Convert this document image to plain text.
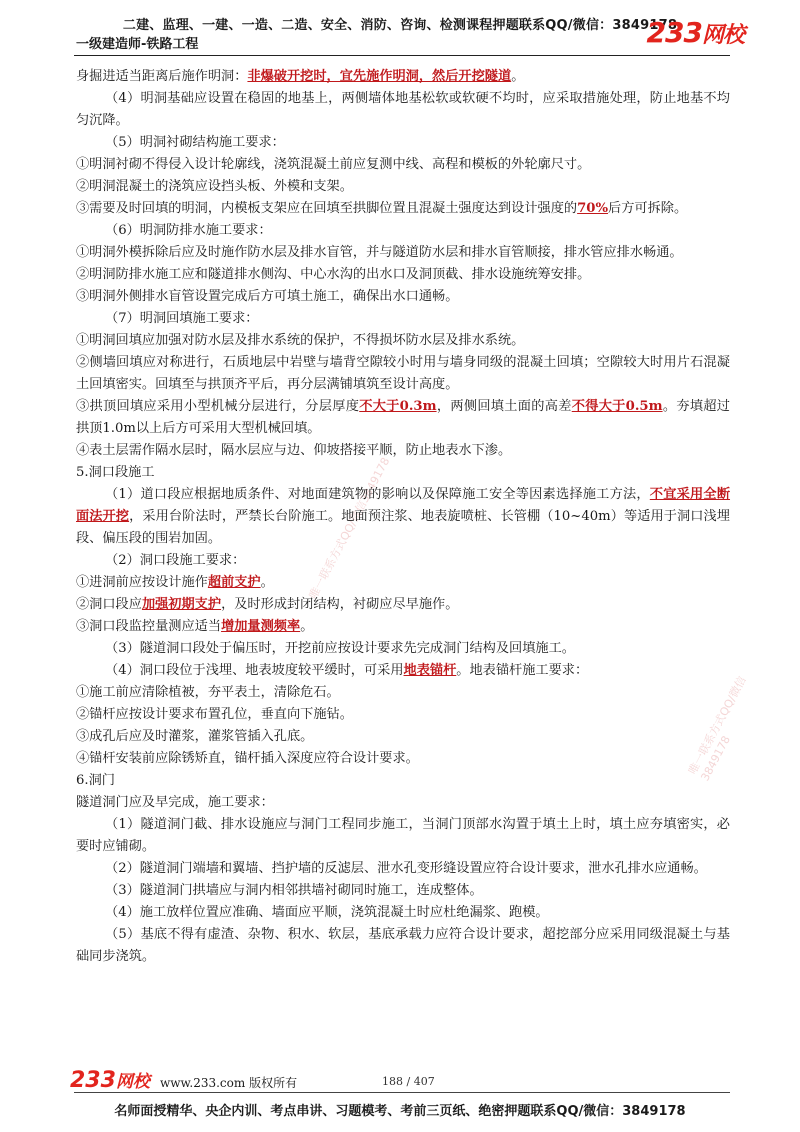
二建、监理、一建、一造、二造、安全、消防、咨询、检测课程押题联系QQ/微信：3849178
一级建造师-铁路工程	233网校
唯一联系方式QQ/微信3849178
唯一联系方式QQ/微信3849178

身掘进适当距离后施作明洞：非爆破开挖时，宜先施作明洞，然后开挖隧道。

（4）明洞基础应设置在稳固的地基上，两侧墙体地基松软或软硬不均时，应采取措施处理，防止地基不均匀沉降。

（5）明洞衬砌结构施工要求：

①明洞衬砌不得侵入设计轮廓线，浇筑混凝土前应复测中线、高程和模板的外轮廓尺寸。

②明洞混凝土的浇筑应设挡头板、外模和支架。

③需要及时回填的明洞，内模板支架应在回填至拱脚位置且混凝土强度达到设计强度的70%后方可拆除。

（6）明洞防排水施工要求：

①明洞外模拆除后应及时施作防水层及排水盲管，并与隧道防水层和排水盲管顺接，排水管应排水畅通。

②明洞防排水施工应和隧道排水侧沟、中心水沟的出水口及洞顶截、排水设施统筹安排。

③明洞外侧排水盲管设置完成后方可填土施工，确保出水口通畅。

（7）明洞回填施工要求：

①明洞回填应加强对防水层及排水系统的保护，不得损坏防水层及排水系统。

②侧墙回填应对称进行，石质地层中岩壁与墙背空隙较小时用与墙身同级的混凝土回填；空隙较大时用片石混凝土回填密实。回填至与拱顶齐平后，再分层满铺填筑至设计高度。

③拱顶回填应采用小型机械分层进行，分层厚度不大于0.3m，两侧回填土面的高差不得大于0.5m。夯填超过拱顶1.0m以上后方可采用大型机械回填。

④表土层需作隔水层时，隔水层应与边、仰坡搭接平顺，防止地表水下渗。

5.洞口段施工

（1）道口段应根据地质条件、对地面建筑物的影响以及保障施工安全等因素选择施工方法，不宜采用全断面法开挖，采用台阶法时，严禁长台阶施工。地面预注浆、地表旋喷桩、长管棚（10~40m）等适用于洞口浅埋段、偏压段的围岩加固。

（2）洞口段施工要求：

①进洞前应按设计施作超前支护。

②洞口段应加强初期支护，及时形成封闭结构，衬砌应尽早施作。

③洞口段监控量测应适当增加量测频率。

（3）隧道洞口段处于偏压时，开挖前应按设计要求先完成洞门结构及回填施工。

（4）洞口段位于浅埋、地表坡度较平缓时，可采用地表锚杆。地表锚杆施工要求：

①施工前应清除植被，夯平表土，清除危石。

②锚杆应按设计要求布置孔位，垂直向下施钻。

③成孔后应及时灌浆，灌浆管插入孔底。

④锚杆安装前应除锈矫直，锚杆插入深度应符合设计要求。

6.洞门

隧道洞门应及早完成，施工要求：

（1）隧道洞门截、排水设施应与洞门工程同步施工，当洞门顶部水沟置于填土上时，填土应夯填密实，必要时应铺砌。

（2）隧道洞门端墙和翼墙、挡护墙的反滤层、泄水孔变形缝设置应符合设计要求，泄水孔排水应通畅。

（3）隧道洞门拱墙应与洞内相邻拱墙衬砌同时施工，连成整体。

（4）施工放样位置应准确、墙面应平顺，浇筑混凝土时应杜绝漏浆、跑模。

（5）基底不得有虚渣、杂物、积水、软层，基底承载力应符合设计要求，超挖部分应采用同级混凝土与基础同步浇筑。

233网校 www.233.com 版权所有	188 / 407
名师面授精华、央企内训、考点串讲、习题模考、考前三页纸、绝密押题联系QQ/微信：3849178
